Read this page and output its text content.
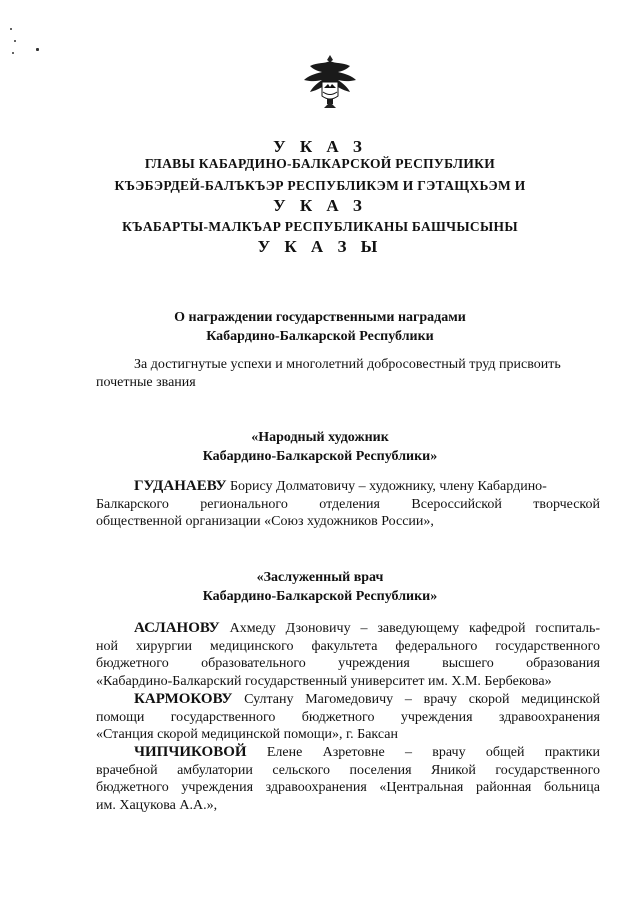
У К А З
ГЛАВЫ КАБАРДИНО-БАЛКАРСКОЙ РЕСПУБЛИКИ
КЪЭБЭРДЕЙ-БАЛЪКЪЭР РЕСПУБЛИКЭМ И ГЭТАЩХЬЭМ И
У К А З
КЪАБАРТЫ-МАЛКЪАР РЕСПУБЛИКАНЫ БАШЧЫСЫНЫ
У К А З Ы
О награждении государственными наградами
Кабардино-Балкарской Республики

За достигнутые успехи и многолетний добросовестный труд присвоить

почетные звания

«Народный художник
Кабардино-Балкарской Республики»

ГУДАНАЕВУ Борису Долматовичу – художнику, члену Кабардино-

Балкарского регионального отделения Всероссийской творческой

общественной организации «Союз художников России»,

«Заслуженный врач
Кабардино-Балкарской Республики»

АСЛАНОВУ Ахмеду Дзоновичу – заведующему кафедрой госпиталь-

ной хирургии медицинского факультета федерального государственного

бюджетного образовательного учреждения высшего образования

«Кабардино-Балкарский государственный университет им. Х.М. Бербекова»

КАРМОКОВУ Султану Магомедовичу – врачу скорой медицинской

помощи государственного бюджетного учреждения здравоохранения

«Станция скорой медицинской помощи», г. Баксан

ЧИПЧИКОВОЙ Елене Азретовне – врачу общей практики

врачебной амбулатории сельского поселения Яникой государственного

бюджетного учреждения здравоохранения «Центральная районная больница

им. Хацукова А.А.»,
